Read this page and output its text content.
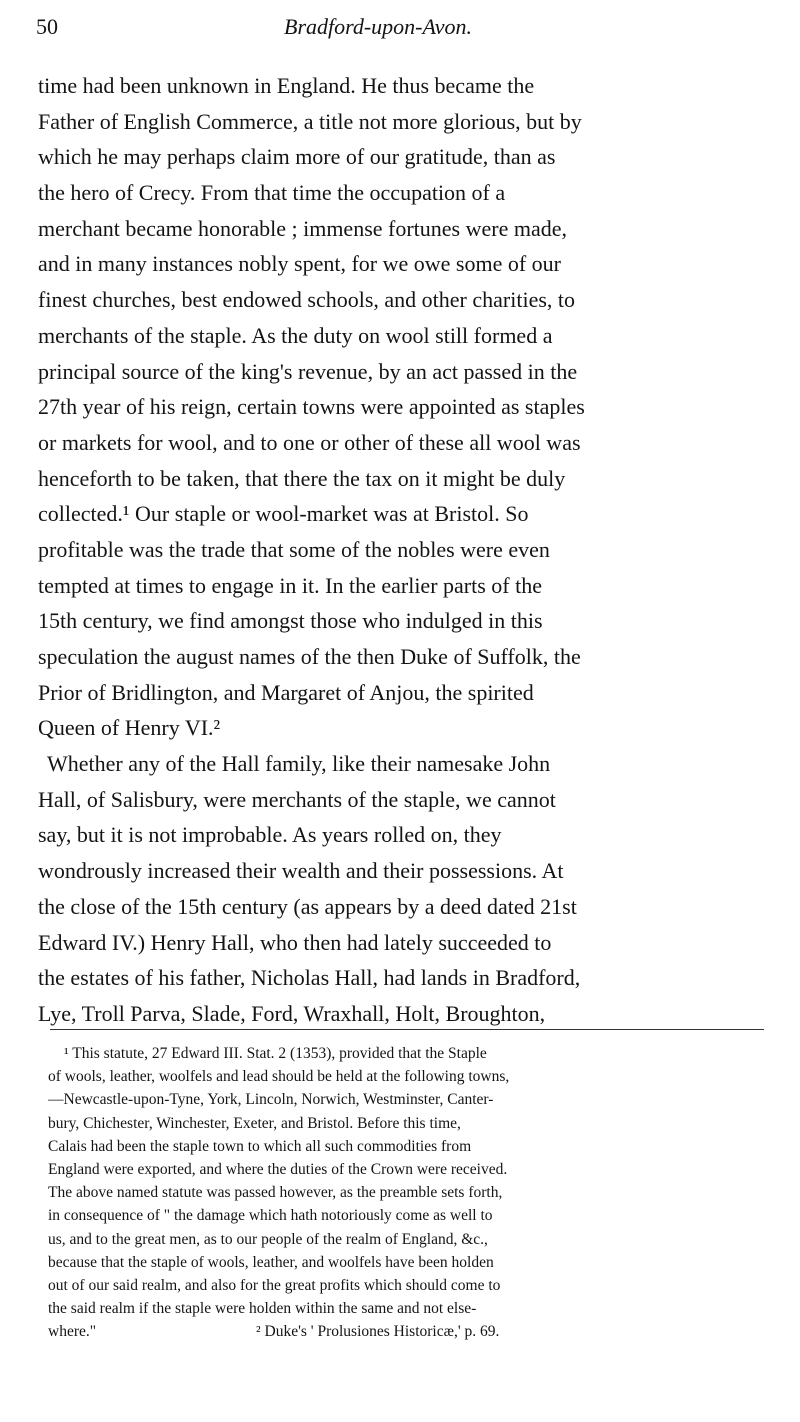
50	Bradford-upon-Avon.
time had been unknown in England. He thus became the
Father of English Commerce, a title not more glorious, but by
which he may perhaps claim more of our gratitude, than as
the hero of Crecy. From that time the occupation of a
merchant became honorable ; immense fortunes were made,
and in many instances nobly spent, for we owe some of our
finest churches, best endowed schools, and other charities, to
merchants of the staple. As the duty on wool still formed a
principal source of the king's revenue, by an act passed in the
27th year of his reign, certain towns were appointed as staples
or markets for wool, and to one or other of these all wool was
henceforth to be taken, that there the tax on it might be duly
collected.¹ Our staple or wool-market was at Bristol. So
profitable was the trade that some of the nobles were even
tempted at times to engage in it. In the earlier parts of the
15th century, we find amongst those who indulged in this
speculation the august names of the then Duke of Suffolk, the
Prior of Bridlington, and Margaret of Anjou, the spirited
Queen of Henry VI.²
Whether any of the Hall family, like their namesake John
Hall, of Salisbury, were merchants of the staple, we cannot
say, but it is not improbable. As years rolled on, they
wondrously increased their wealth and their possessions. At
the close of the 15th century (as appears by a deed dated 21st
Edward IV.) Henry Hall, who then had lately succeeded to
the estates of his father, Nicholas Hall, had lands in Bradford,
Lye, Troll Parva, Slade, Ford, Wraxhall, Holt, Broughton,
¹ This statute, 27 Edward III. Stat. 2 (1353), provided that the Staple
of wools, leather, woolfels and lead should be held at the following towns,
—Newcastle-upon-Tyne, York, Lincoln, Norwich, Westminster, Canter-
bury, Chichester, Winchester, Exeter, and Bristol. Before this time,
Calais had been the staple town to which all such commodities from
England were exported, and where the duties of the Crown were received.
The above named statute was passed however, as the preamble sets forth,
in consequence of " the damage which hath notoriously come as well to
us, and to the great men, as to our people of the realm of England, &c.,
because that the staple of wools, leather, and woolfels have been holden
out of our said realm, and also for the great profits which should come to
the said realm if the staple were holden within the same and not else-
where."	² Duke's ' Prolusiones Historicæ,' p. 69.
